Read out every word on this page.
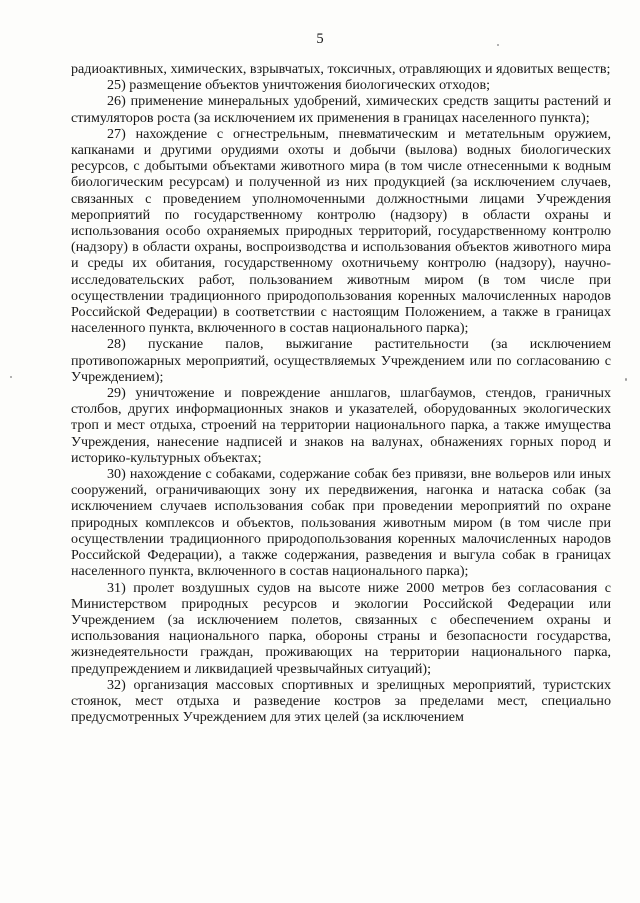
5

радиоактивных, химических, взрывчатых, токсичных, отравляющих и ядовитых веществ;

25) размещение объектов уничтожения биологических отходов;

26) применение минеральных удобрений, химических средств защиты растений и стимуляторов роста (за исключением их применения в границах населенного пункта);

27) нахождение с огнестрельным, пневматическим и метательным оружием, капканами и другими орудиями охоты и добычи (вылова) водных биологических ресурсов, с добытыми объектами животного мира (в том числе отнесенными к водным биологическим ресурсам) и полученной из них продукцией (за исключением случаев, связанных с проведением уполномоченными должностными лицами Учреждения мероприятий по государственному контролю (надзору) в области охраны и использования особо охраняемых природных территорий, государственному контролю (надзору) в области охраны, воспроизводства и использования объектов животного мира и среды их обитания, государственному охотничьему контролю (надзору), научно-исследовательских работ, пользованием животным миром (в том числе при осуществлении традиционного природопользования коренных малочисленных народов Российской Федерации) в соответствии с настоящим Положением, а также в границах населенного пункта, включенного в состав национального парка);

28) пускание палов, выжигание растительности (за исключением противопожарных мероприятий, осуществляемых Учреждением или по согласованию с Учреждением);

29) уничтожение и повреждение аншлагов, шлагбаумов, стендов, граничных столбов, других информационных знаков и указателей, оборудованных экологических троп и мест отдыха, строений на территории национального парка, а также имущества Учреждения, нанесение надписей и знаков на валунах, обнажениях горных пород и историко-культурных объектах;

30) нахождение с собаками, содержание собак без привязи, вне вольеров или иных сооружений, ограничивающих зону их передвижения, нагонка и натаска собак (за исключением случаев использования собак при проведении мероприятий по охране природных комплексов и объектов, пользования животным миром (в том числе при осуществлении традиционного природопользования коренных малочисленных народов Российской Федерации), а также содержания, разведения и выгула собак в границах населенного пункта, включенного в состав национального парка);

31) пролет воздушных судов на высоте ниже 2000 метров без согласования с Министерством природных ресурсов и экологии Российской Федерации или Учреждением (за исключением полетов, связанных с обеспечением охраны и использования национального парка, обороны страны и безопасности государства, жизнедеятельности граждан, проживающих на территории национального парка, предупреждением и ликвидацией чрезвычайных ситуаций);

32) организация массовых спортивных и зрелищных мероприятий, туристских стоянок, мест отдыха и разведение костров за пределами мест, специально предусмотренных Учреждением для этих целей (за исключением
